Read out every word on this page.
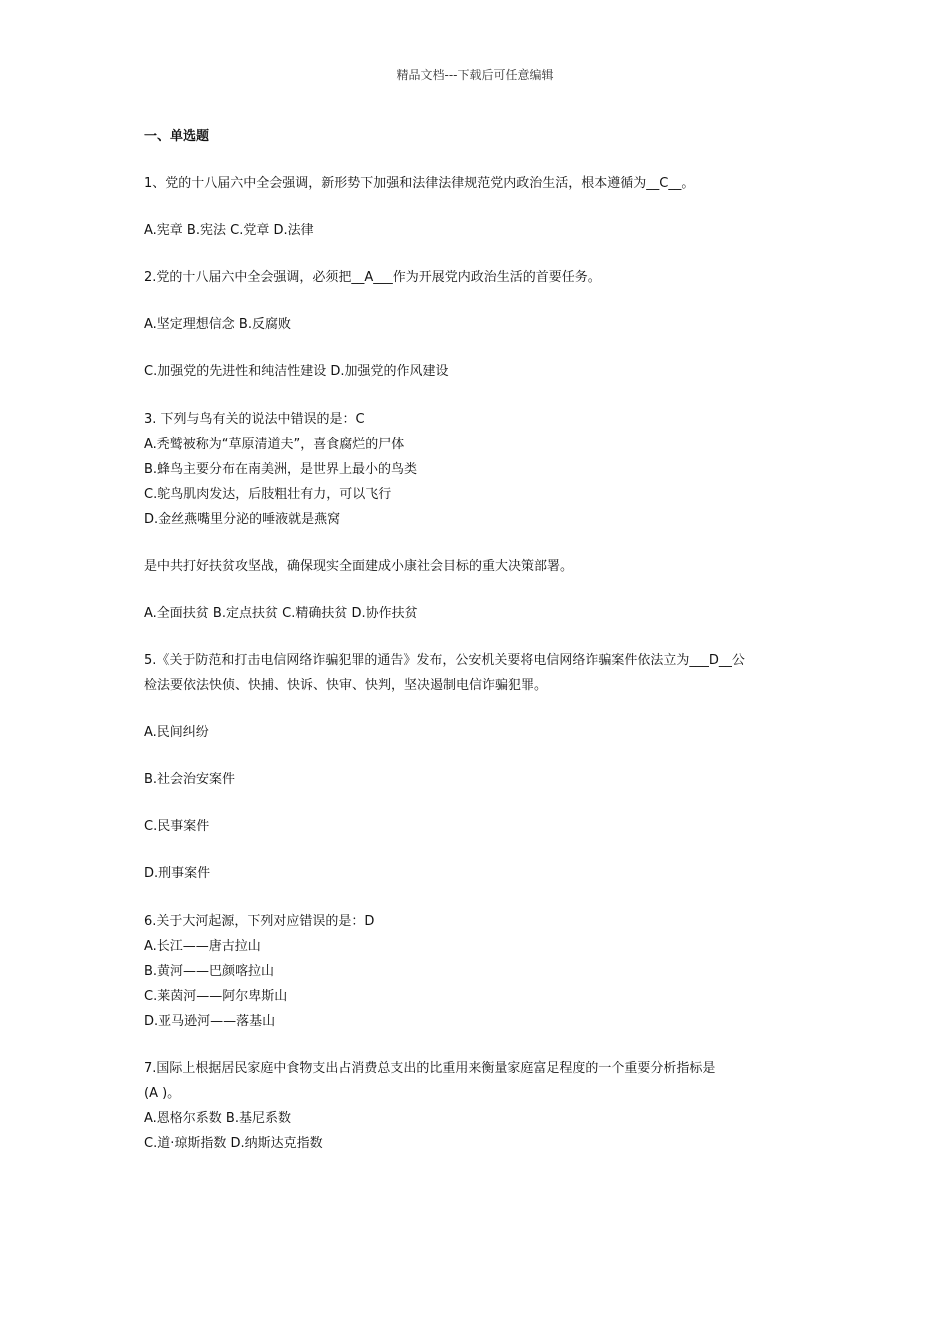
精品文档---下载后可任意编辑
一、单选题
1、党的十八届六中全会强调，新形势下加强和法律法律规范党内政治生活，根本遵循为__C__。
A.宪章 B.宪法 C.党章 D.法律
2.党的十八届六中全会强调，必须把__A___作为开展党内政治生活的首要任务。
A.坚定理想信念 B.反腐败
C.加强党的先进性和纯洁性建设 D.加强党的作风建设
3. 下列与鸟有关的说法中错误的是：C
A.秃鹫被称为“草原清道夫”，喜食腐烂的尸体
B.蜂鸟主要分布在南美洲，是世界上最小的鸟类
C.鸵鸟肌肉发达，后肢粗壮有力，可以飞行
D.金丝燕嘴里分泌的唾液就是燕窝
是中共打好扶贫攻坚战，确保现实全面建成小康社会目标的重大决策部署。
A.全面扶贫 B.定点扶贫 C.精确扶贫 D.协作扶贫
5.《关于防范和打击电信网络诈骗犯罪的通告》发布，公安机关要将电信网络诈骗案件依法立为___D__公
检法要依法快侦、快捕、快诉、快审、快判，坚决遏制电信诈骗犯罪。
A.民间纠纷
B.社会治安案件
C.民事案件
D.刑事案件
6.关于大河起源，下列对应错误的是：D
A.长江——唐古拉山
B.黄河——巴颜喀拉山
C.莱茵河——阿尔卑斯山
D.亚马逊河——落基山
7.国际上根据居民家庭中食物支出占消费总支出的比重用来衡量家庭富足程度的一个重要分析指标是
(A )。
A.恩格尔系数 B.基尼系数
C.道·琼斯指数 D.纳斯达克指数
